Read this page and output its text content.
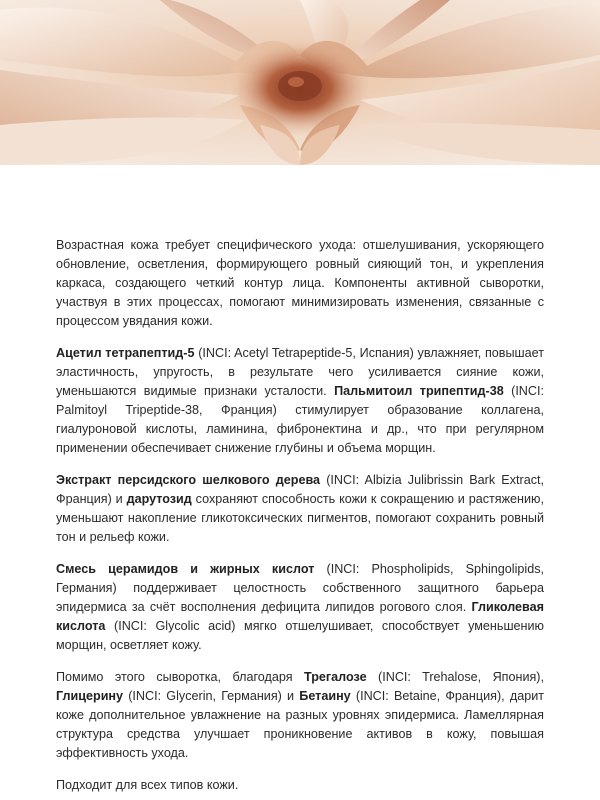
Возрастная кожа требует специфического ухода: отшелушивания, ускоряющего обновление, осветления, формирующего ровный сияющий тон, и укрепления каркаса, создающего четкий контур лица. Компоненты активной сыворотки, участвуя в этих процессах, помогают минимизировать изменения, связанные с процессом увядания кожи.

Ацетил тетрапептид-5 (INCI: Acetyl Tetrapeptide-5, Испания) увлажняет, повышает эластичность, упругость, в результате чего усиливается сияние кожи, уменьшаются видимые признаки усталости. Пальмитоил трипептид-38 (INCI: Palmitoyl Tripeptide-38, Франция) стимулирует образование коллагена, гиалуроновой кислоты, ламинина, фибронектина и др., что при регулярном применении обеспечивает снижение глубины и объема морщин.

Экстракт персидского шелкового дерева (INCI: Albizia Julibrissin Bark Extract, Франция) и дарутозид сохраняют способность кожи к сокращению и растяжению, уменьшают накопление гликотоксических пигментов, помогают сохранить ровный тон и рельеф кожи.

Смесь церамидов и жирных кислот (INCI: Phospholipids, Sphingolipids, Германия) поддерживает целостность собственного защитного барьера эпидермиса за счёт восполнения дефицита липидов рогового слоя. Гликолевая кислота (INCI: Glycolic acid) мягко отшелушивает, способствует уменьшению морщин, осветляет кожу.

Помимо этого сыворотка, благодаря Трегалозе (INCI: Trehalose, Япония), Глицерину (INCI: Glycerin, Германия) и Бетаину (INCI: Betaine, Франция), дарит коже дополнительное увлажнение на разных уровнях эпидермиса. Ламеллярная структура средства улучшает проникновение активов в кожу, повышая эффективность ухода.

Подходит для всех типов кожи.
